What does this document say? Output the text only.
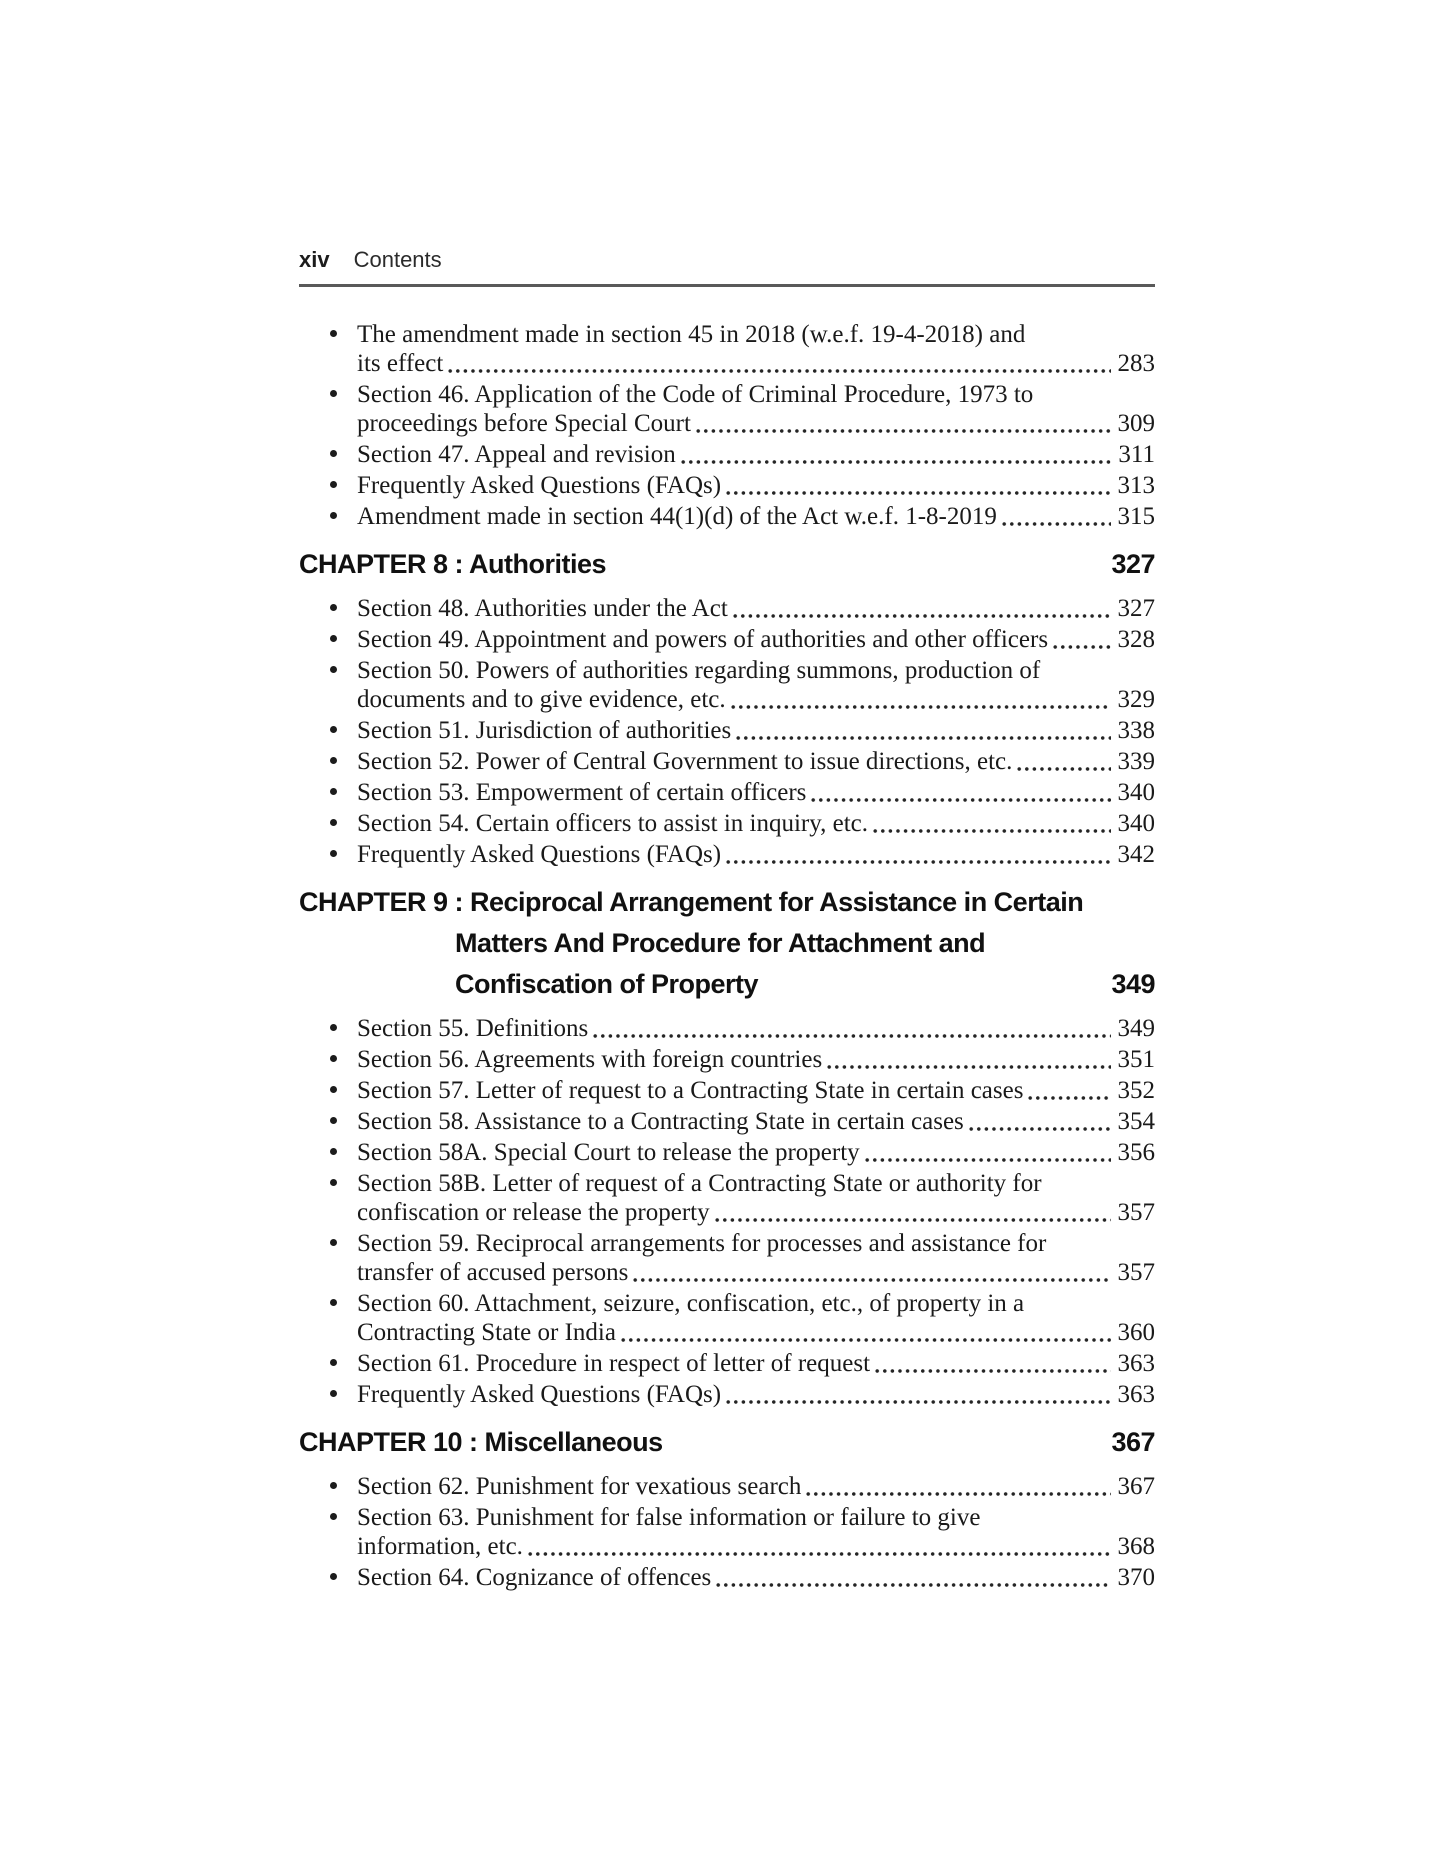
xiv Contents
The amendment made in section 45 in 2018 (w.e.f. 19-4-2018) and
its effect	283
Section 46. Application of the Code of Criminal Procedure, 1973 to
proceedings before Special Court	309
Section 47. Appeal and revision	311
Frequently Asked Questions (FAQs)	313
Amendment made in section 44(1)(d) of the Act w.e.f. 1-8-2019	315
CHAPTER 8 : Authorities	327
Section 48. Authorities under the Act	327
Section 49. Appointment and powers of authorities and other officers	328
Section 50. Powers of authorities regarding summons, production of
documents and to give evidence, etc.	329
Section 51. Jurisdiction of authorities	338
Section 52. Power of Central Government to issue directions, etc.	339
Section 53. Empowerment of certain officers	340
Section 54. Certain officers to assist in inquiry, etc.	340
Frequently Asked Questions (FAQs)	342
CHAPTER 9 : Reciprocal Arrangement for Assistance in Certain
Matters And Procedure for Attachment and
Confiscation of Property	349
Section 55. Definitions	349
Section 56. Agreements with foreign countries	351
Section 57. Letter of request to a Contracting State in certain cases	352
Section 58. Assistance to a Contracting State in certain cases	354
Section 58A. Special Court to release the property	356
Section 58B. Letter of request of a Contracting State or authority for
confiscation or release the property	357
Section 59. Reciprocal arrangements for processes and assistance for
transfer of accused persons	357
Section 60. Attachment, seizure, confiscation, etc., of property in a
Contracting State or India	360
Section 61. Procedure in respect of letter of request	363
Frequently Asked Questions (FAQs)	363
CHAPTER 10 : Miscellaneous	367
Section 62. Punishment for vexatious search	367
Section 63. Punishment for false information or failure to give
information, etc.	368
Section 64. Cognizance of offences	370
